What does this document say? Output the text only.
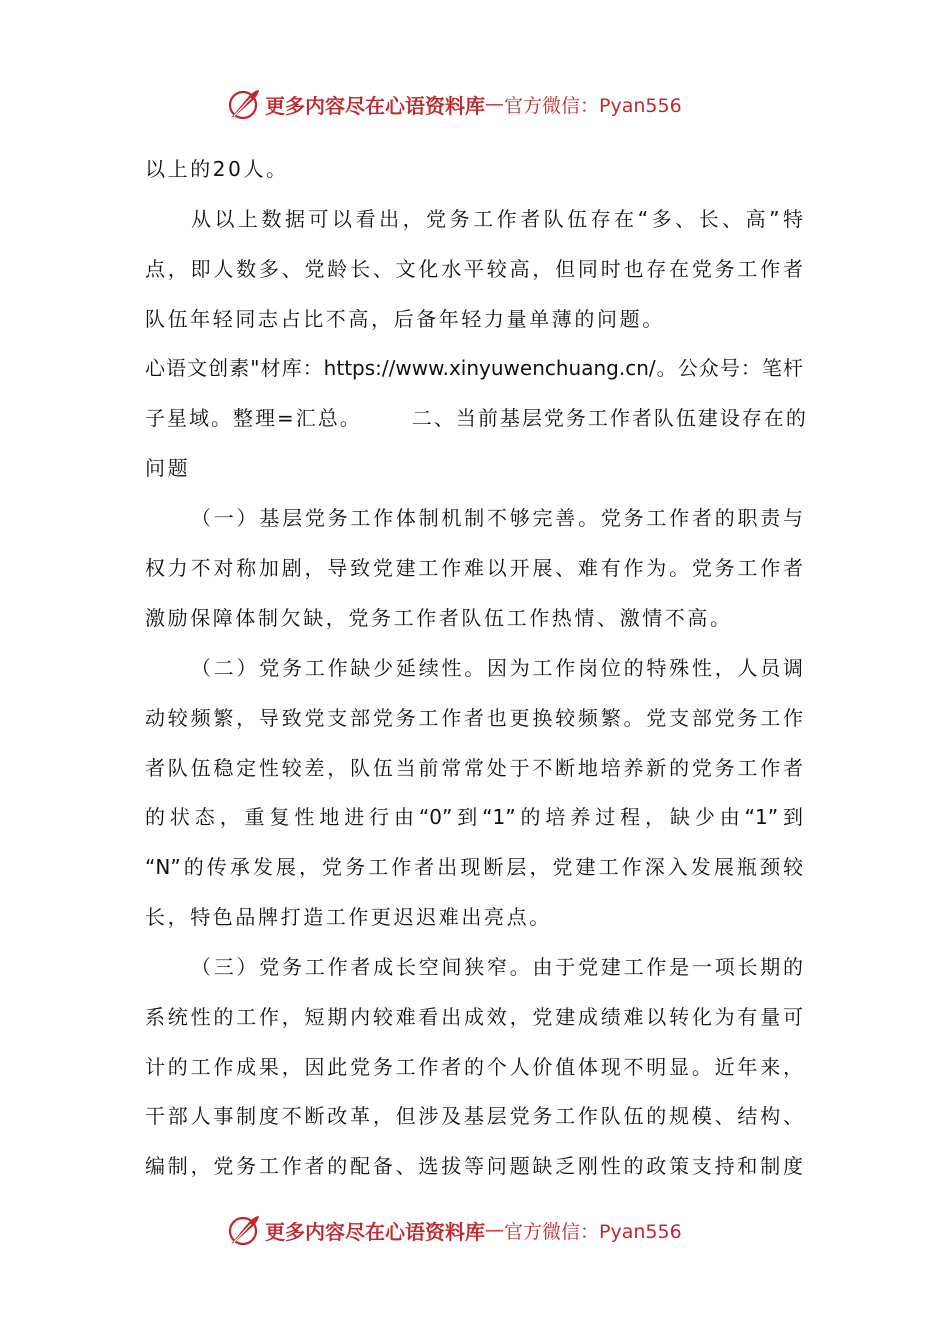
更多内容尽在心语资料库 — 官方微信：Pyan556
以上的20人。
从以上数据可以看出，党务工作者队伍存在“多、长、高”特
点，即人数多、党龄长、文化水平较高，但同时也存在党务工作者
队伍年轻同志占比不高，后备年轻力量单薄的问题。
心语文创素"材库：https://www.xinyuwenchuang.cn/。公众号：笔杆
子星域。整理=汇总。      二、当前基层党务工作者队伍建设存在的
问题
（一）基层党务工作体制机制不够完善。党务工作者的职责与
权力不对称加剧，导致党建工作难以开展、难有作为。党务工作者
激励保障体制欠缺，党务工作者队伍工作热情、激情不高。
（二）党务工作缺少延续性。因为工作岗位的特殊性，人员调
动较频繁，导致党支部党务工作者也更换较频繁。党支部党务工作
者队伍稳定性较差，队伍当前常常处于不断地培养新的党务工作者
的状态，重复性地进行由“0”到“1”的培养过程，缺少由“1”到
“N”的传承发展，党务工作者出现断层，党建工作深入发展瓶颈较
长，特色品牌打造工作更迟迟难出亮点。
（三）党务工作者成长空间狭窄。由于党建工作是一项长期的
系统性的工作，短期内较难看出成效，党建成绩难以转化为有量可
计的工作成果，因此党务工作者的个人价值体现不明显。近年来，
干部人事制度不断改革，但涉及基层党务工作队伍的规模、结构、
编制，党务工作者的配备、选拔等问题缺乏刚性的政策支持和制度
更多内容尽在心语资料库 — 官方微信：Pyan556
